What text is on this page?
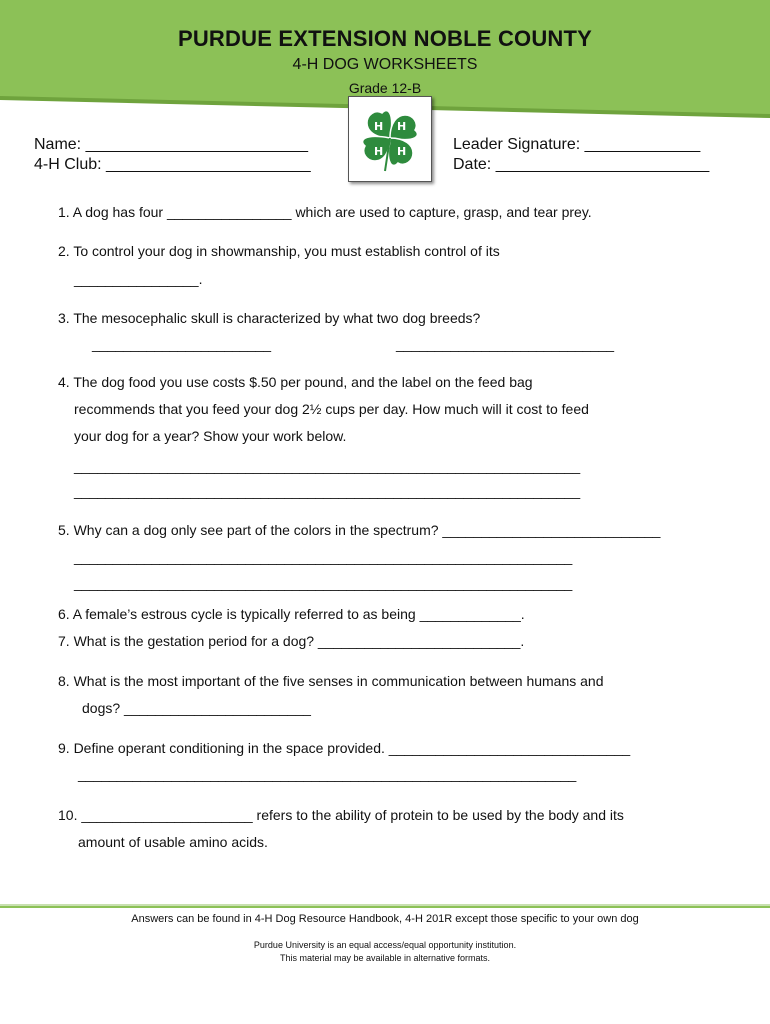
PURDUE EXTENSION NOBLE COUNTY
4-H DOG WORKSHEETS
Grade 12-B
H H
H
H
Name: _________________________
4-H Club: _______________________
Leader Signature: _____________
Date: ________________________
1. A dog has four ________________ which are used to capture, grasp, and tear prey.
2. To control your dog in showmanship, you must establish control of its
________________.
3. The mesocephalic skull is characterized by what two dog breeds?
_______________________	____________________________
4. The dog food you use costs $.50 per pound, and the label on the feed bag
recommends that you feed your dog 2½ cups per day. How much will it cost to feed
your dog for a year? Show your work below.
_________________________________________________________________
_________________________________________________________________
5. Why can a dog only see part of the colors in the spectrum? ____________________________
________________________________________________________________
________________________________________________________________
6. A female’s estrous cycle is typically referred to as being _____________.
7. What is the gestation period for a dog? __________________________.
8. What is the most important of the five senses in communication between humans and
dogs? ________________________
9. Define operant conditioning in the space provided. _______________________________
________________________________________________________________
10. ______________________ refers to the ability of protein to be used by the body and its
amount of usable amino acids.
Answers can be found in 4-H Dog Resource Handbook, 4-H 201R except those specific to your own dog
Purdue University is an equal access/equal opportunity institution.
This material may be available in alternative formats.
